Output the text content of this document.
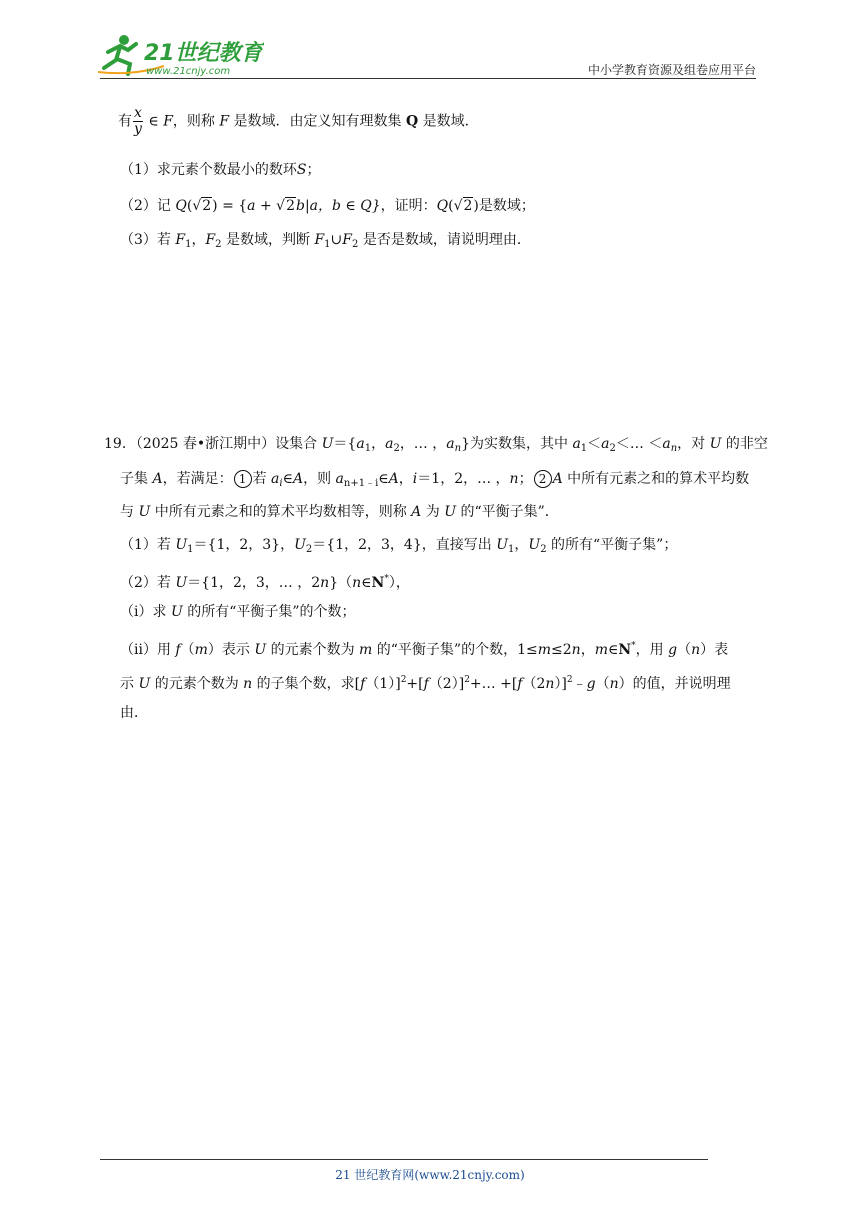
21世纪教育
www.21cnjy.com	中小学教育资源及组卷应用平台
有 $\frac{x}{y}$ ∈ F，则称 F 是数域．由定义知有理数集 Q 是数域．
（1）求元素个数最小的数环S；
（2）记 Q(√2) = {a + √2b|a，b ∈ Q}，证明：Q(√2)是数域；
（3）若 $F_1$，$F_2$ 是数域，判断 $F_1\cup F_2$ 是否是数域，请说明理由．
19．（2025 春•浙江期中）设集合 $U=\{a_1$，$a_2$，… ，$a_n$}为实数集，其中 $a_1<a_2<\dots <a_n$，对 U 的非空
子集 A，若满足： 1 若 $a_i\in A$，则 $a_{n+1﹣i}\in A$，i＝1，2，… ，n； 2 A 中所有元素之和的算术平均数
与 U 中所有元素之和的算术平均数相等，则称 A 为 U 的“平衡子集”．
（1）若 $U_1=\{1$，2，3}，$U_2=\{1$，2，3，4}，直接写出 $U_1$，$U_2$ 的所有“平衡子集”；
（2）若 U＝{1，2，3，… ，2n}（n∈N*），
（ⅰ）求 U 的所有“平衡子集”的个数；
（ⅱ）用 f（m）表示 U 的元素个数为 m 的“平衡子集”的个数，1≤m≤2n，m∈N*，用 g（n）表
示 U 的元素个数为 n 的子集个数，求$[f(1)]^2+[f(2)]^2+\dots$ $+[f(2n)]^2﹣g(n)$的值，并说明理
由．
21 世纪教育网(www.21cnjy.com)
